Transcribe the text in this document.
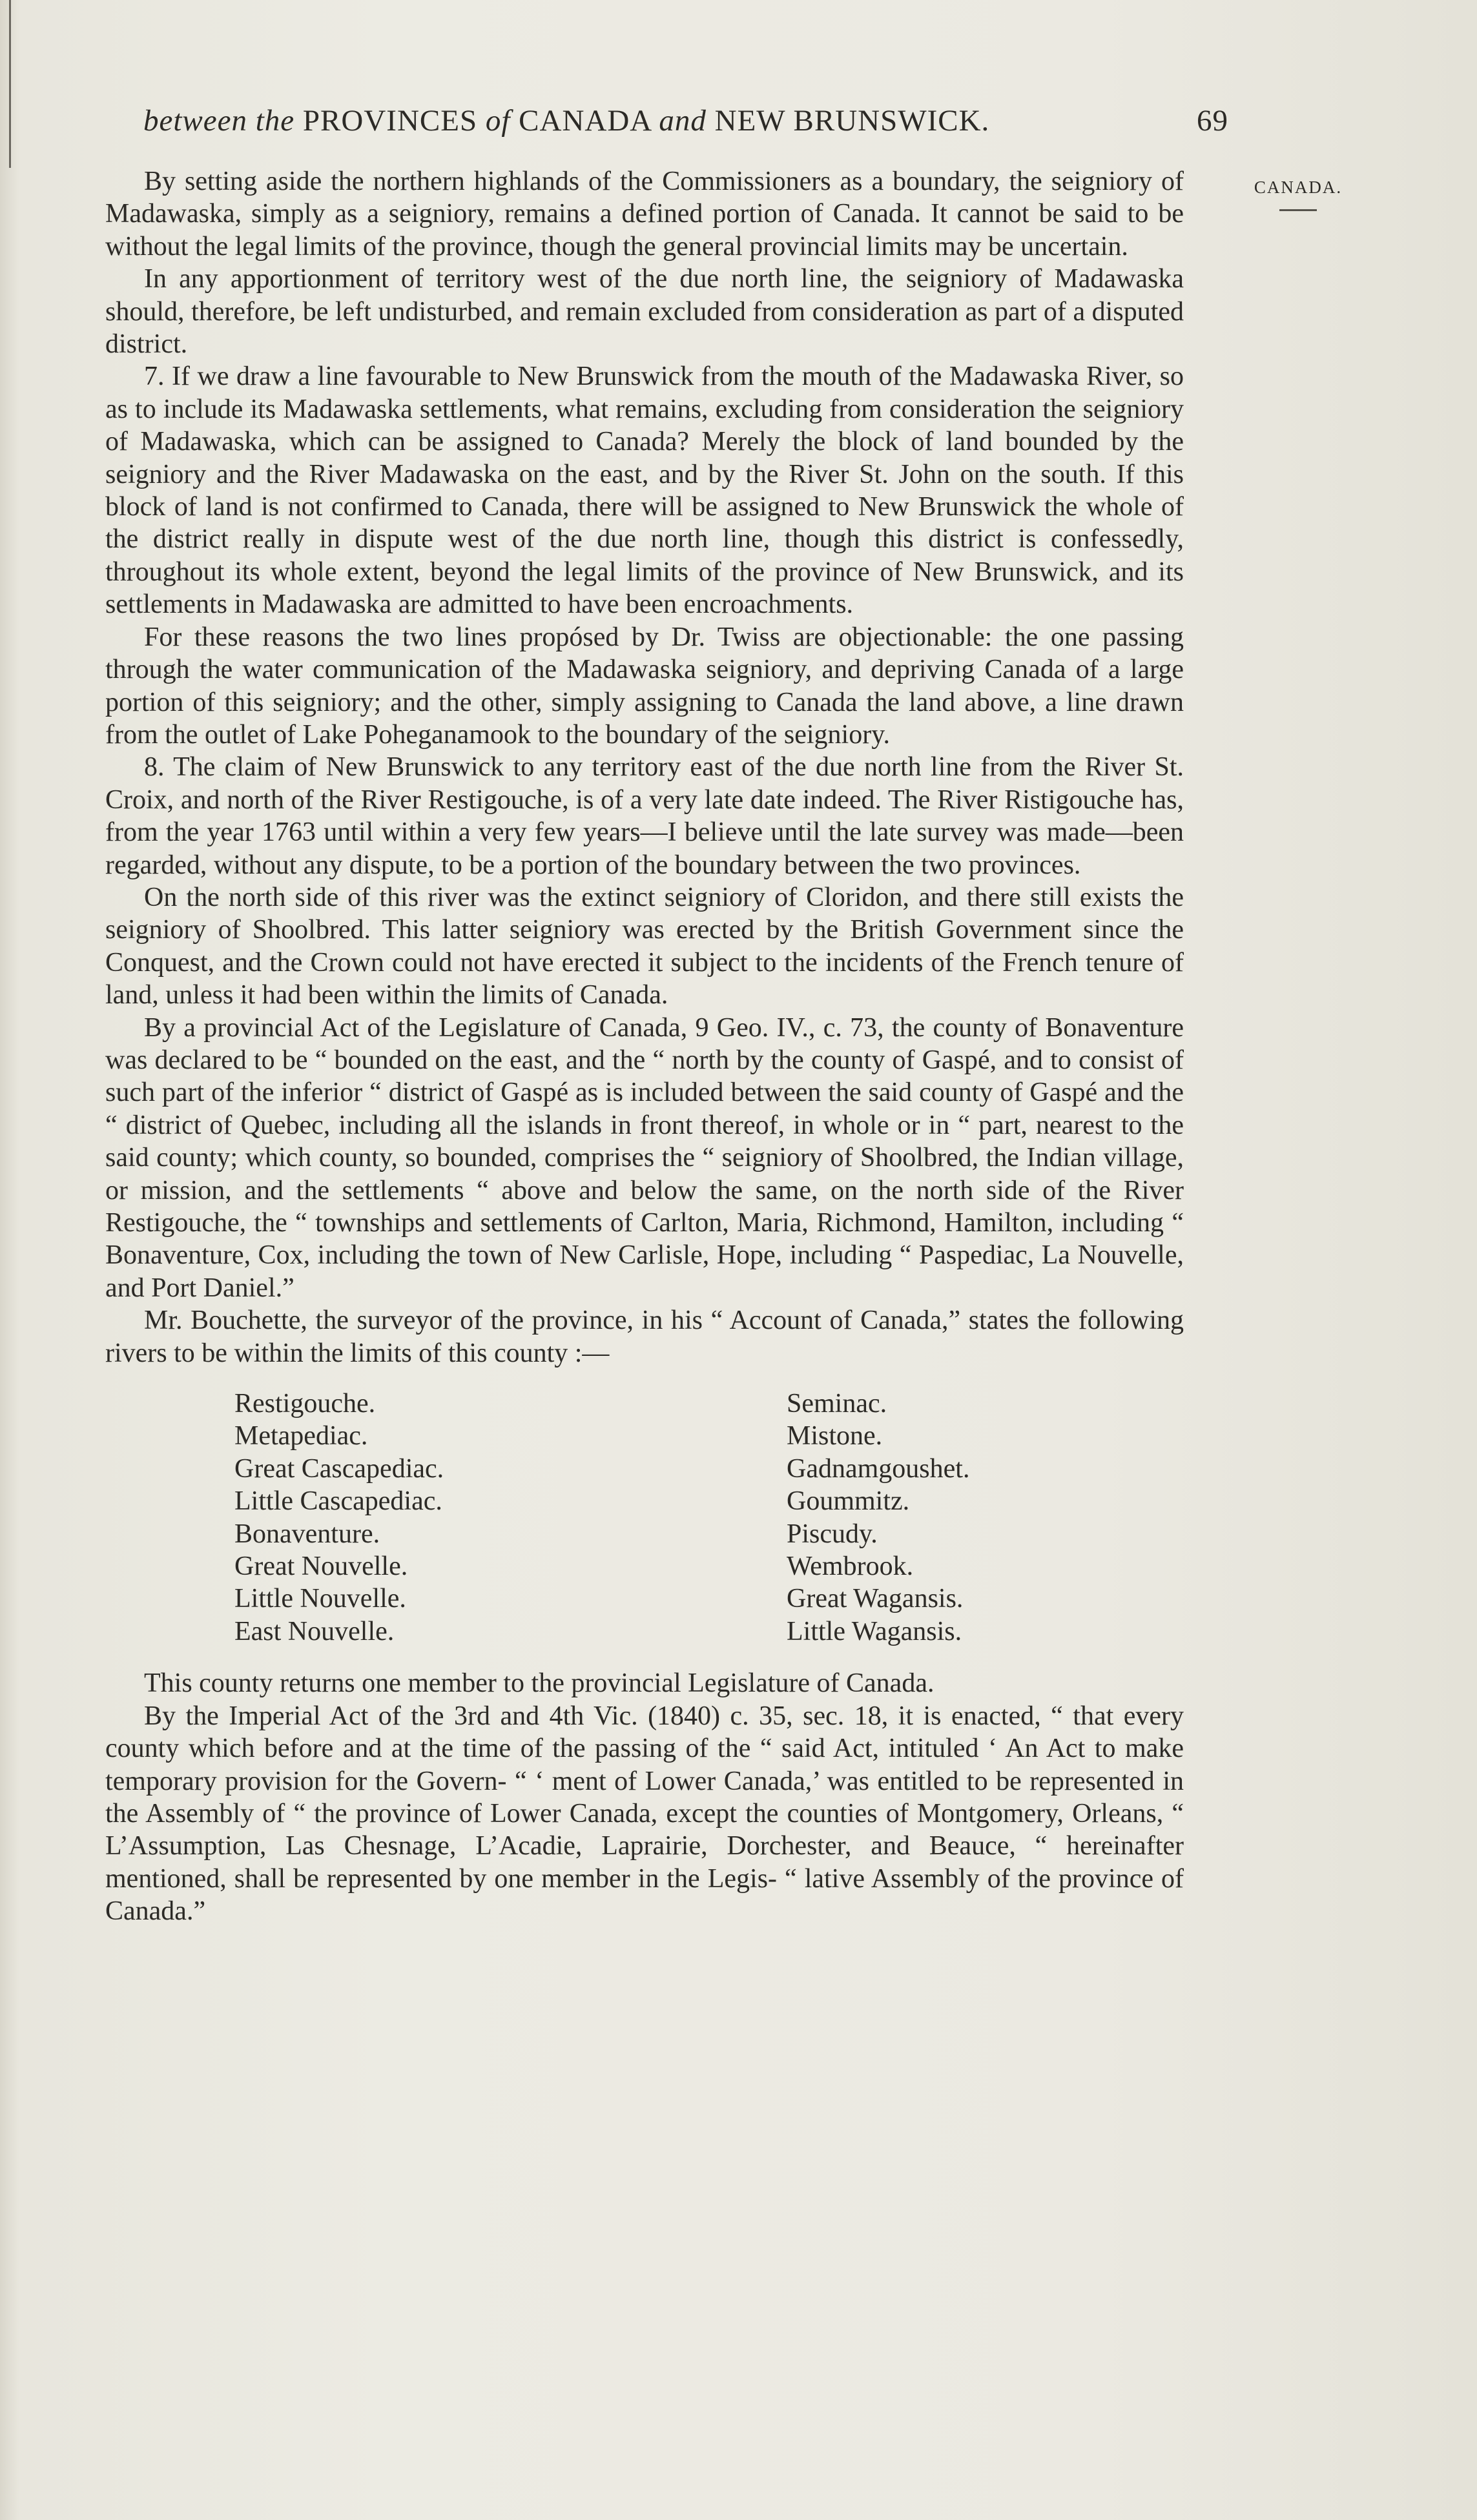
between the PROVINCES of CANADA and NEW BRUNSWICK.	69
CANADA.

By setting aside the northern highlands of the Commissioners as a boundary, the seigniory of Madawaska, simply as a seigniory, remains a defined portion of Canada. It cannot be said to be without the legal limits of the province, though the general provincial limits may be uncertain.

In any apportionment of territory west of the due north line, the seigniory of Madawaska should, therefore, be left undisturbed, and remain excluded from consideration as part of a disputed district.

7. If we draw a line favourable to New Brunswick from the mouth of the Madawaska River, so as to include its Madawaska settlements, what remains, excluding from consideration the seigniory of Madawaska, which can be assigned to Canada? Merely the block of land bounded by the seigniory and the River Madawaska on the east, and by the River St. John on the south. If this block of land is not confirmed to Canada, there will be assigned to New Brunswick the whole of the district really in dispute west of the due north line, though this district is confessedly, throughout its whole extent, beyond the legal limits of the province of New Brunswick, and its settlements in Madawaska are admitted to have been encroachments.

For these reasons the two lines propósed by Dr. Twiss are objectionable: the one passing through the water communication of the Madawaska seigniory, and depriving Canada of a large portion of this seigniory; and the other, simply assigning to Canada the land above, a line drawn from the outlet of Lake Poheganamook to the boundary of the seigniory.

8. The claim of New Brunswick to any territory east of the due north line from the River St. Croix, and north of the River Restigouche, is of a very late date indeed. The River Ristigouche has, from the year 1763 until within a very few years—I believe until the late survey was made—been regarded, without any dispute, to be a portion of the boundary between the two provinces.

On the north side of this river was the extinct seigniory of Cloridon, and there still exists the seigniory of Shoolbred. This latter seigniory was erected by the British Government since the Conquest, and the Crown could not have erected it subject to the incidents of the French tenure of land, unless it had been within the limits of Canada.

By a provincial Act of the Legislature of Canada, 9 Geo. IV., c. 73, the county of Bonaventure was declared to be “ bounded on the east, and the “ north by the county of Gaspé, and to consist of such part of the inferior “ district of Gaspé as is included between the said county of Gaspé and the “ district of Quebec, including all the islands in front thereof, in whole or in “ part, nearest to the said county; which county, so bounded, comprises the “ seigniory of Shoolbred, the Indian village, or mission, and the settlements “ above and below the same, on the north side of the River Restigouche, the “ townships and settlements of Carlton, Maria, Richmond, Hamilton, including “ Bonaventure, Cox, including the town of New Carlisle, Hope, including “ Paspediac, La Nouvelle, and Port Daniel.”

Mr. Bouchette, the surveyor of the province, in his “ Account of Canada,” states the following rivers to be within the limits of this county :—

Restigouche.
Metapediac.
Great Cascapediac.
Little Cascapediac.
Bonaventure.
Great Nouvelle.
Little Nouvelle.
East Nouvelle.
Seminac.
Mistone.
Gadnamgoushet.
Goummitz.
Piscudy.
Wembrook.
Great Wagansis.
Little Wagansis.

This county returns one member to the provincial Legislature of Canada.

By the Imperial Act of the 3rd and 4th Vic. (1840) c. 35, sec. 18, it is enacted, “ that every county which before and at the time of the passing of the “ said Act, intituled ‘ An Act to make temporary provision for the Govern- “ ‘ ment of Lower Canada,’ was entitled to be represented in the Assembly of “ the province of Lower Canada, except the counties of Montgomery, Orleans, “ L’Assumption, Las Chesnage, L’Acadie, Laprairie, Dorchester, and Beauce, “ hereinafter mentioned, shall be represented by one member in the Legis- “ lative Assembly of the province of Canada.”
